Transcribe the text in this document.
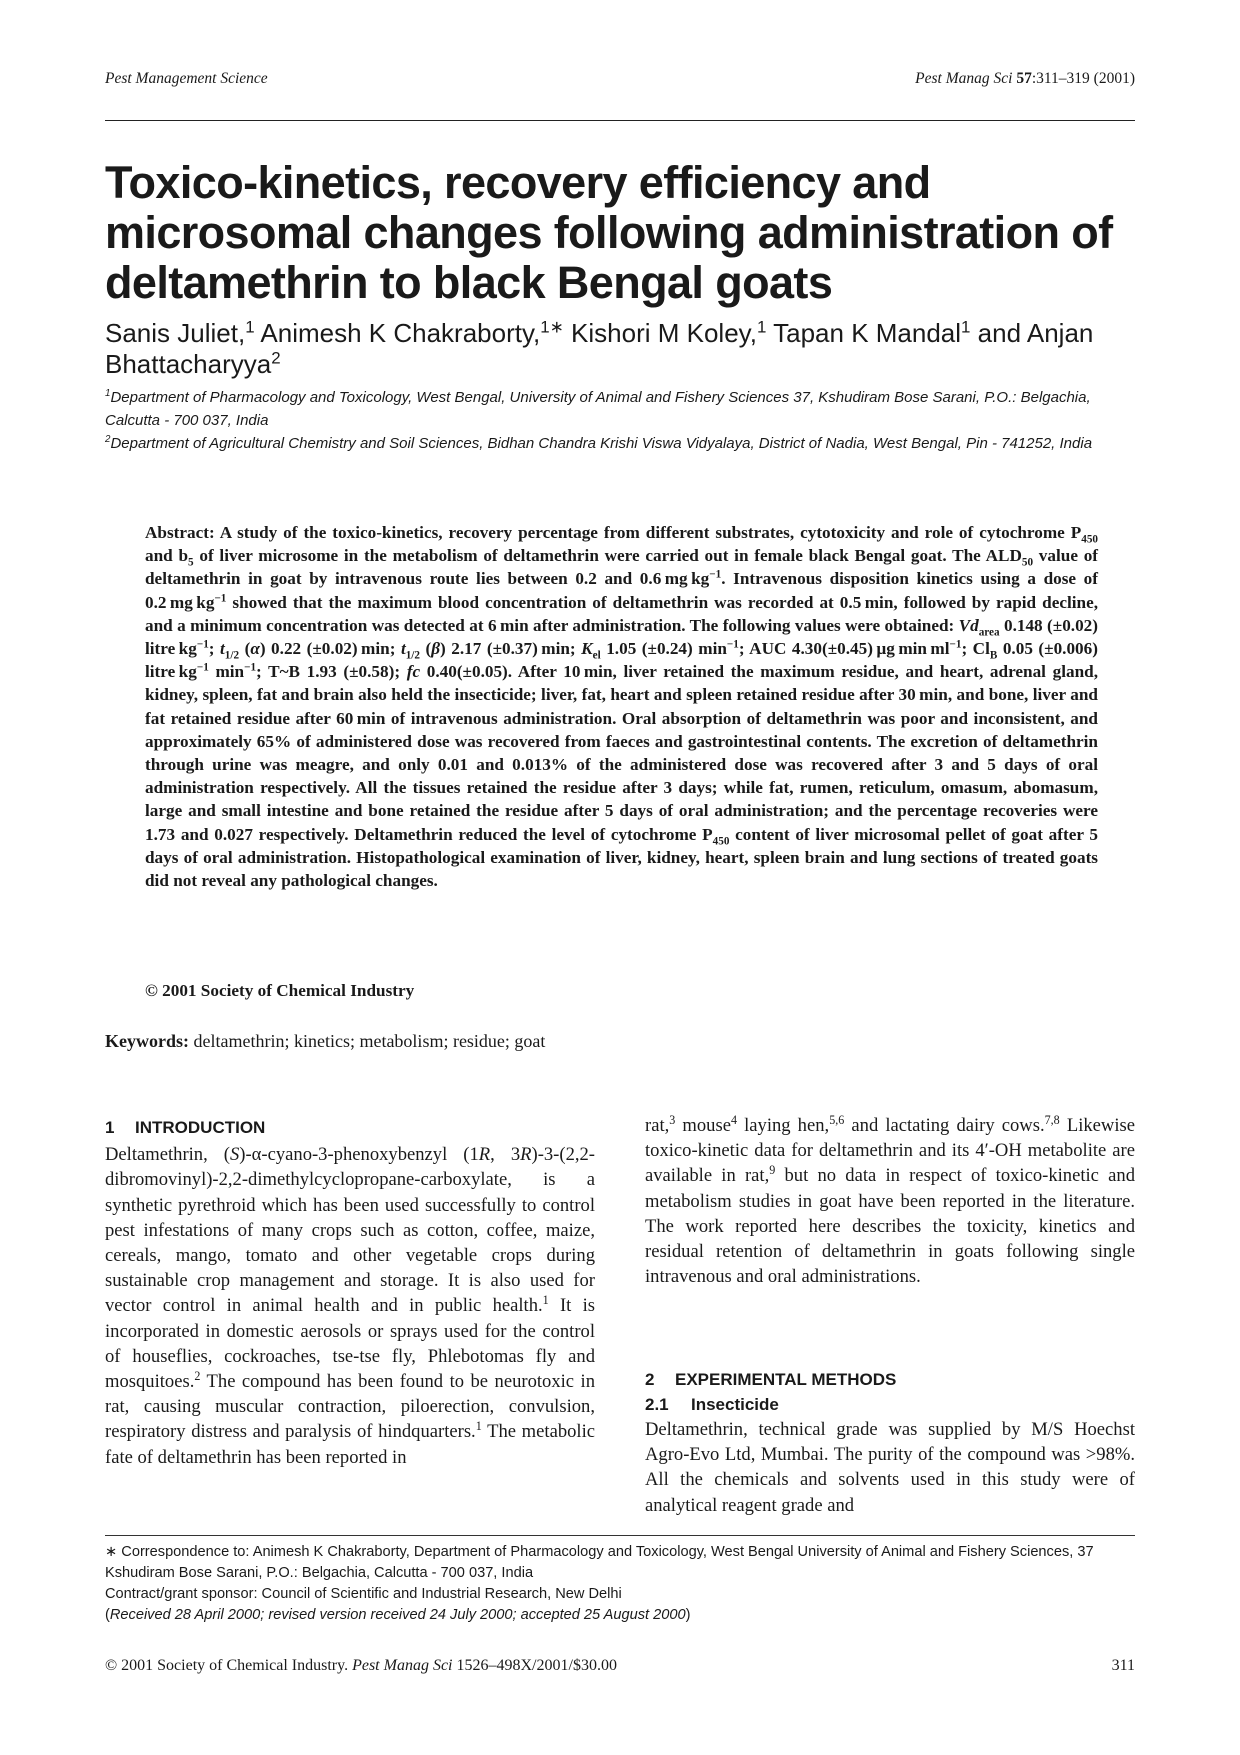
Pest Management Science	Pest Manag Sci 57:311–319 (2001)
Toxico-kinetics, recovery efficiency and microsomal changes following administration of deltamethrin to black Bengal goats
Sanis Juliet,$^1$ Animesh K Chakraborty,$^{1∗}$ Kishori M Koley,$^1$ Tapan K Mandal$^1$ and Anjan Bhattacharyya$^2$
$^1$Department of Pharmacology and Toxicology, West Bengal, University of Animal and Fishery Sciences 37, Kshudiram Bose Sarani, P.O.: Belgachia, Calcutta - 700 037, India
$^2$Department of Agricultural Chemistry and Soil Sciences, Bidhan Chandra Krishi Viswa Vidyalaya, District of Nadia, West Bengal, Pin - 741252, India
Abstract: A study of the toxico-kinetics, recovery percentage from different substrates, cytotoxicity and role of cytochrome $P_{450}$ and $b_5$ of liver microsome in the metabolism of deltamethrin were carried out in female black Bengal goat. The $ALD_{50}$ value of deltamethrin in goat by intravenous route lies between 0.2 and 0.6 mg $kg^{-1}$. Intravenous disposition kinetics using a dose of 0.2 mg $kg^{-1}$ showed that the maximum blood concentration of deltamethrin was recorded at 0.5 min, followed by rapid decline, and a minimum concentration was detected at 6 min after administration. The following values were obtained: $Vd_{area}$ 0.148 (±0.02) litre $kg^{-1}$; $t_{1/2}$ (α) 0.22 (±0.02) min; $t_{1/2}$ (β) 2.17 (±0.37) min; $K_{el}$ 1.05 (±0.24) $\min^{-1}$; AUC 4.30(±0.45) µg $\min ml^{-1}$; $Cl_B$ 0.05 (±0.006) litre $kg^{-1}$ $\min^{-1}$; T~B 1.93 (±0.58); fc 0.40(±0.05). After 10 min, liver retained the maximum residue, and heart, adrenal gland, kidney, spleen, fat and brain also held the insecticide; liver, fat, heart and spleen retained residue after 30 min, and bone, liver and fat retained residue after 60 min of intravenous administration. Oral absorption of deltamethrin was poor and inconsistent, and approximately 65% of administered dose was recovered from faeces and gastrointestinal contents. The excretion of deltamethrin through urine was meagre, and only 0.01 and 0.013% of the administered dose was recovered after 3 and 5 days of oral administration respectively. All the tissues retained the residue after 3 days; while fat, rumen, reticulum, omasum, abomasum, large and small intestine and bone retained the residue after 5 days of oral administration; and the percentage recoveries were 1.73 and 0.027 respectively. Deltamethrin reduced the level of cytochrome $P_{450}$ content of liver microsomal pellet of goat after 5 days of oral administration. Histopathological examination of liver, kidney, heart, spleen brain and lung sections of treated goats did not reveal any pathological changes.
© 2001 Society of Chemical Industry
Keywords: deltamethrin; kinetics; metabolism; residue; goat
1 INTRODUCTION
Deltamethrin, (S)-α-cyano-3-phenoxybenzyl (1R, 3R)-3-(2,2-dibromovinyl)-2,2-dimethylcyclopropane-carboxylate, is a synthetic pyrethroid which has been used successfully to control pest infestations of many crops such as cotton, coffee, maize, cereals, mango, tomato and other vegetable crops during sustainable crop management and storage. It is also used for vector control in animal health and in public health.$^1$ It is incorporated in domestic aerosols or sprays used for the control of houseflies, cockroaches, tse-tse fly, Phlebotomas fly and mosquitoes.$^2$ The compound has been found to be neurotoxic in rat, causing muscular contraction, piloerection, convulsion, respiratory distress and paralysis of hindquarters.$^1$ The metabolic fate of deltamethrin has been reported in
rat,$^3$ mouse$^4$ laying hen,$^{5,6}$ and lactating dairy cows.$^{7,8}$ Likewise toxico-kinetic data for deltamethrin and its 4′-OH metabolite are available in rat,$^9$ but no data in respect of toxico-kinetic and metabolism studies in goat have been reported in the literature. The work reported here describes the toxicity, kinetics and residual retention of deltamethrin in goats following single intravenous and oral administrations.
2 EXPERIMENTAL METHODS
2.1 Insecticide
Deltamethrin, technical grade was supplied by M/S Hoechst Agro-Evo Ltd, Mumbai. The purity of the compound was >98%. All the chemicals and solvents used in this study were of analytical reagent grade and
∗ Correspondence to: Animesh K Chakraborty, Department of Pharmacology and Toxicology, West Bengal University of Animal and Fishery Sciences, 37 Kshudiram Bose Sarani, P.O.: Belgachia, Calcutta - 700 037, India
Contract/grant sponsor: Council of Scientific and Industrial Research, New Delhi
(Received 28 April 2000; revised version received 24 July 2000; accepted 25 August 2000)
© 2001 Society of Chemical Industry. Pest Manag Sci 1526–498X/2001/$30.00	311
